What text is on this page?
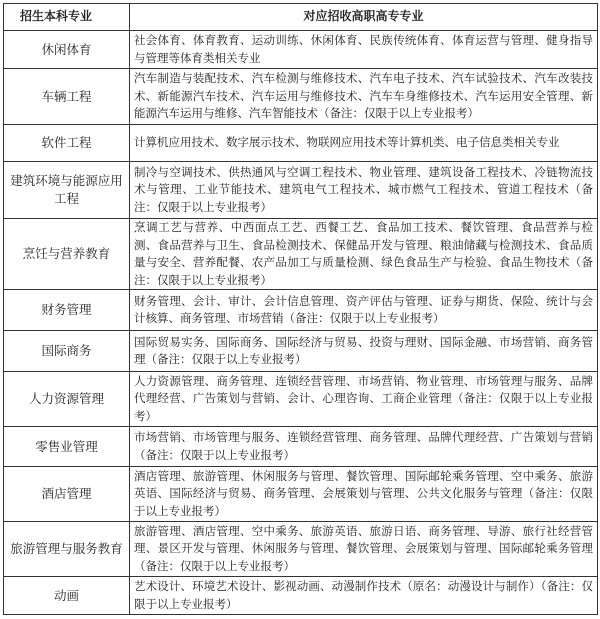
招生本科专业	对应招收高职高专专业
休闲体育	社会体育、体育教育、运动训练、休闲体育、民族传统体育、体育运营与管理、健身指导与管理等体育类相关专业
车辆工程	汽车制造与装配技术、汽车检测与维修技术、汽车电子技术、汽车试验技术、汽车改装技术、新能源汽车技术、汽车运用与维修技术、汽车车身维修技术、汽车运用安全管理、新能源汽车运用与维修、汽车智能技术（备注：仅限于以上专业报考）
软件工程	计算机应用技术、数字展示技术、物联网应用技术等计算机类、电子信息类相关专业
建筑环境与能源应用工程	制冷与空调技术、供热通风与空调工程技术、物业管理、建筑设备工程技术、冷链物流技术与管理、工业节能技术、建筑电气工程技术、城市燃气工程技术、管道工程技术（备注：仅限于以上专业报考）
烹饪与营养教育	烹调工艺与营养、中西面点工艺、西餐工艺、食品加工技术、餐饮管理、食品营养与检测、食品营养与卫生、食品检测技术、保健品开发与管理、粮油储藏与检测技术、食品质量与安全、营养配餐、农产品加工与质量检测、绿色食品生产与检验、食品生物技术（备注：仅限于以上专业报考）
财务管理	财务管理、会计、审计、会计信息管理、资产评估与管理、证券与期货、保险、统计与会计核算、商务管理、市场营销（备注：仅限于以上专业报考）
国际商务	国际贸易实务、国际商务、国际经济与贸易、投资与理财、国际金融、市场营销、商务管理（备注：仅限于以上专业报考）
人力资源管理	人力资源管理、商务管理、连锁经营管理、市场营销、物业管理、市场管理与服务、品牌代理经营、广告策划与营销、会计、心理咨询、工商企业管理（备注：仅限于以上专业报考）
零售业管理	市场营销、市场管理与服务、连锁经营管理、商务管理、品牌代理经营、广告策划与营销（备注：仅限于以上专业报考）
酒店管理	酒店管理、旅游管理、休闲服务与管理、餐饮管理、国际邮轮乘务管理、空中乘务、旅游英语、国际经济与贸易、商务管理、会展策划与管理、公共文化服务与管理（备注：仅限于以上专业报考）
旅游管理与服务教育	旅游管理、酒店管理、空中乘务、旅游英语、旅游日语、商务管理、导游、旅行社经营管理、景区开发与管理、休闲服务与管理、餐饮管理、会展策划与管理、国际邮轮乘务管理（备注：仅限于以上专业报考）
动画	艺术设计、环境艺术设计、影视动画、动漫制作技术（原名：动漫设计与制作）（备注：仅限于以上专业报考）
